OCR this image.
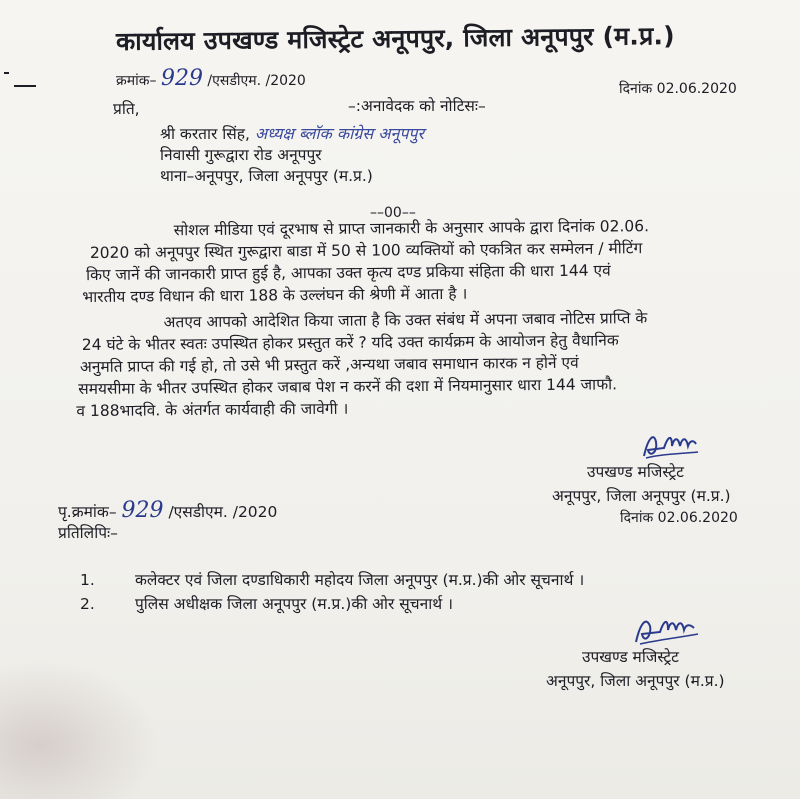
कार्यालय उपखण्ड मजिस्ट्रेट अनूपपुर, जिला अनूपपुर (म.प्र.)
क्रमांक– 929 /एसडीएम. /2020	दिनांक 02.06.2020
प्रति,	–:अनावेदक को नोटिसः–
श्री करतार सिंह, अध्यक्ष ब्लॉक कांग्रेस अनूपपुर
निवासी गुरूद्वारा रोड अनूपपुर
थाना–अनूपपुर, जिला अनूपपुर (म.प्र.)
––00––
सोशल मीडिया एवं दूरभाष से प्राप्त जानकारी के अनुसार आपके द्वारा दिनांक 02.06.
2020 को अनूपपुर स्थित गुरूद्वारा बाडा में 50 से 100 व्यक्तियों को एकत्रित कर सम्मेलन / मीटिंग
किए जानें की जानकारी प्राप्त हुई है, आपका उक्त कृत्य दण्ड प्रकिया संहिता की धारा 144 एवं
भारतीय दण्ड विधान की धारा 188 के उल्लंघन की श्रेणी में आता है ।
अतएव आपको आदेशित किया जाता है कि उक्त संबंध में अपना जबाव नोटिस प्राप्ति के
24 घंटे के भीतर स्वतः उपस्थित होकर प्रस्तुत करें ? यदि उक्त कार्यक्रम के आयोजन हेतु वैधानिक
अनुमति प्राप्त की गई हो, तो उसे भी प्रस्तुत करें ,अन्यथा जबाव समाधान कारक न होनें एवं
समयसीमा के भीतर उपस्थित होकर जबाब पेश न करनें की दशा में नियमानुसार धारा 144 जाफौ.
व 188भादवि. के अंतर्गत कार्यवाही की जावेगी ।
उपखण्ड मजिस्ट्रेट
अनूपपुर, जिला अनूपपुर (म.प्र.)
दिनांक 02.06.2020
पृ.क्रमांक– 929 /एसडीएम. /2020
प्रतिलिपिः–
1.	कलेक्टर एवं जिला दण्डाधिकारी महोदय जिला अनूपपुर (म.प्र.)की ओर सूचनार्थ ।
2.	पुलिस अधीक्षक जिला अनूपपुर (म.प्र.)की ओर सूचनार्थ ।
उपखण्ड मजिस्ट्रेट
अनूपपुर, जिला अनूपपुर (म.प्र.)
